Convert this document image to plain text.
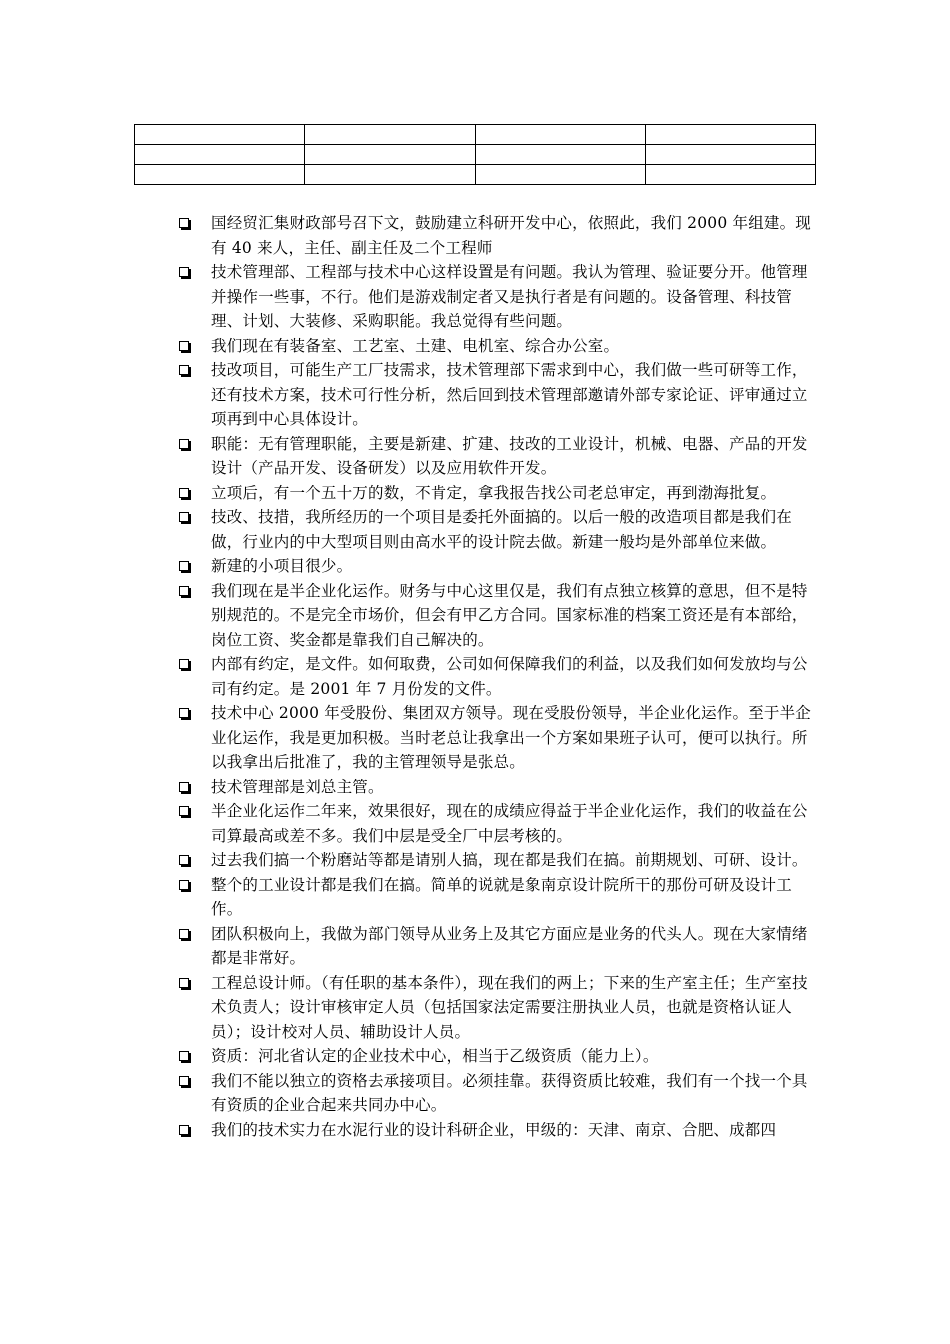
国经贸汇集财政部号召下文，鼓励建立科研开发中心，依照此，我们 2000 年组建。现有 40 来人，主任、副主任及二个工程师
技术管理部、工程部与技术中心这样设置是有问题。我认为管理、验证要分开。他管理并操作一些事，不行。他们是游戏制定者又是执行者是有问题的。设备管理、科技管理、计划、大装修、采购职能。我总觉得有些问题。
我们现在有装备室、工艺室、土建、电机室、综合办公室。
技改项目，可能生产工厂技需求，技术管理部下需求到中心，我们做一些可研等工作，还有技术方案，技术可行性分析，然后回到技术管理部邀请外部专家论证、评审通过立项再到中心具体设计。
职能：无有管理职能，主要是新建、扩建、技改的工业设计，机械、电器、产品的开发设计（产品开发、设备研发）以及应用软件开发。
立项后，有一个五十万的数，不肯定，拿我报告找公司老总审定，再到渤海批复。
技改、技措，我所经历的一个项目是委托外面搞的。以后一般的改造项目都是我们在做，行业内的中大型项目则由高水平的设计院去做。新建一般均是外部单位来做。
新建的小项目很少。
我们现在是半企业化运作。财务与中心这里仅是，我们有点独立核算的意思，但不是特别规范的。不是完全市场价，但会有甲乙方合同。国家标准的档案工资还是有本部给，岗位工资、奖金都是靠我们自己解决的。
内部有约定，是文件。如何取费，公司如何保障我们的利益，以及我们如何发放均与公司有约定。是 2001 年 7 月份发的文件。
技术中心 2000 年受股份、集团双方领导。现在受股份领导，半企业化运作。至于半企业化运作，我是更加积极。当时老总让我拿出一个方案如果班子认可，便可以执行。所以我拿出后批准了，我的主管理领导是张总。
技术管理部是刘总主管。
半企业化运作二年来，效果很好，现在的成绩应得益于半企业化运作，我们的收益在公司算最高或差不多。我们中层是受全厂中层考核的。
过去我们搞一个粉磨站等都是请别人搞，现在都是我们在搞。前期规划、可研、设计。
整个的工业设计都是我们在搞。简单的说就是象南京设计院所干的那份可研及设计工作。
团队积极向上，我做为部门领导从业务上及其它方面应是业务的代头人。现在大家情绪都是非常好。
工程总设计师。（有任职的基本条件），现在我们的两上；下来的生产室主任；生产室技术负责人；设计审核审定人员（包括国家法定需要注册执业人员，也就是资格认证人员）；设计校对人员、辅助设计人员。
资质：河北省认定的企业技术中心，相当于乙级资质（能力上）。
我们不能以独立的资格去承接项目。必须挂靠。获得资质比较难，我们有一个找一个具有资质的企业合起来共同办中心。
我们的技术实力在水泥行业的设计科研企业，甲级的：天津、南京、合肥、成都四
